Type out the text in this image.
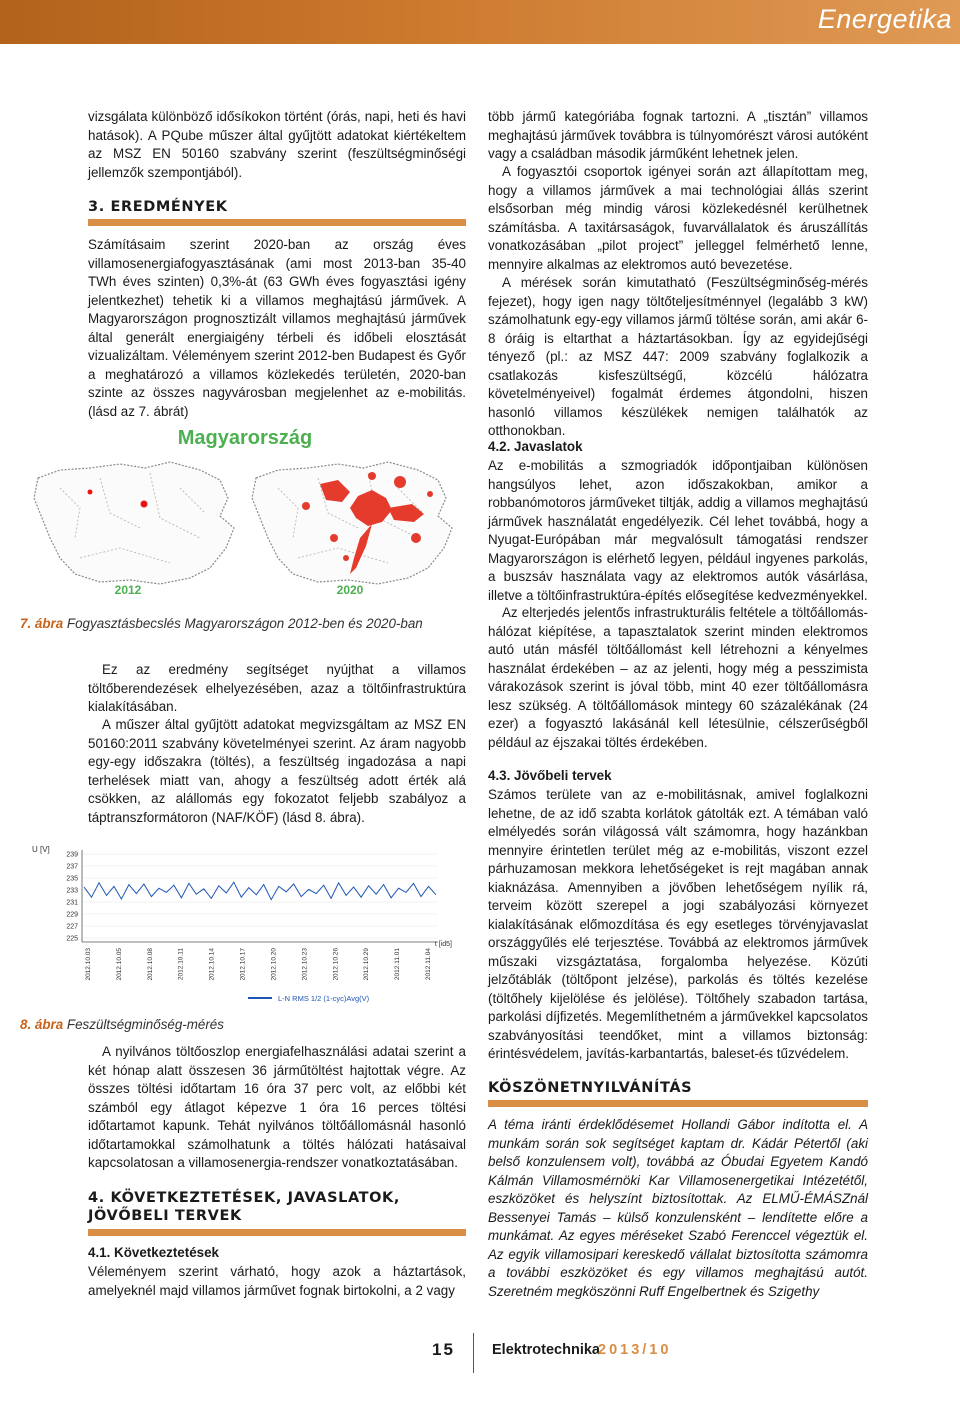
Energetika

vizsgálata különböző idősíkokon történt (órás, napi, heti és havi hatások). A PQube műszer által gyűjtött adatokat kiértékeltem az MSZ EN 50160 szabvány szerint (feszültségminőségi jellemzők szempontjából).

3. EREDMÉNYEK

Számításaim szerint 2020-ban az ország éves villamosenergiafogyasztásának (ami most 2013-ban 35-40 TWh éves szinten) 0,3%-át (63 GWh éves fogyasztási igény jelentkezhet) tehetik ki a villamos meghajtású járművek. A Magyarországon prognosztizált villamos meghajtású járművek által generált energiaigény térbeli és időbeli elosztását vizualizáltam. Véleményem szerint 2012-ben Budapest és Győr a meghatározó a villamos közlekedés területén, 2020-ban szinte az összes nagyvárosban megjelenhet az e-mobilitás. (lásd az 7. ábrát)

Magyarország
2012	2020
7. ábra Fogyasztásbecslés Magyarországon 2012-ben és 2020-ban

Ez az eredmény segítséget nyújthat a villamos töltőberendezések elhelyezésében, azaz a töltőinfrastruktúra kialakításában.

A műszer által gyűjtött adatokat megvizsgáltam az MSZ EN 50160:2011 szabvány követelményei szerint. Az áram nagyobb egy-egy időszakra (töltés), a feszültség ingadozása a napi terhelések miatt van, ahogy a feszültség adott érték alá csökken, az alállomás egy fokozatot feljebb szabályoz a táptranszformátoron (NAF/KÖF) (lásd 8. ábra).

U [V]
239
237
235
233
231
229
227
225
2012.10.03	2012.10.05	2012.10.08	2012.10.11	2012.10.14	2012.10.17	2012.10.20	2012.10.23	2012.10.26	2012.10.29	2012.11.01	2012.11.04
t [id5]
L-N RMS 1/2 (1-cyc)Avg(V)
8. ábra Feszültségminőség-mérés

A nyilvános töltőoszlop energiafelhasználási adatai szerint a két hónap alatt összesen 36 járműtöltést hajtottak végre. Az összes töltési időtartam 16 óra 37 perc volt, az előbbi két számból egy átlagot képezve 1 óra 16 perces töltési időtartamot kapunk. Tehát nyilvános töltőállomásnál hasonló időtartamokkal számolhatunk a töltés hálózati hatásaival kapcsolatosan a villamosenergia-rendszer vonatkoztatásában.

4. KÖVETKEZTETÉSEK, JAVASLATOK,
JÖVŐBELI TERVEK
4.1. Következtetések

Véleményem szerint várható, hogy azok a háztartások, amelyeknél majd villamos járművet fognak birtokolni, a 2 vagy

több jármű kategóriába fognak tartozni. A „tisztán” villamos meghajtású járművek továbbra is túlnyomórészt városi autóként vagy a családban második járműként lehetnek jelen.

A fogyasztói csoportok igényei során azt állapítottam meg, hogy a villamos járművek a mai technológiai állás szerint elsősorban még mindig városi közlekedésnél kerülhetnek számításba. A taxitársaságok, fuvarvállalatok és áruszállítás vonatkozásában „pilot project” jelleggel felmérhető lenne, mennyire alkalmas az elektromos autó bevezetése.

A mérések során kimutatható (Feszültségminőség-mérés fejezet), hogy igen nagy töltőteljesítménnyel (legalább 3 kW) számolhatunk egy-egy villamos jármű töltése során, ami akár 6-8 óráig is eltarthat a háztartásokban. Így az egyidejűségi tényező (pl.: az MSZ 447: 2009 szabvány foglalkozik a csatlakozás kisfeszültségű, közcélú hálózatra követelményeivel) fogalmát érdemes átgondolni, hiszen hasonló villamos készülékek nemigen találhatók az otthonokban.

4.2. Javaslatok

Az e-mobilitás a szmogriadók időpontjaiban különösen hangsúlyos lehet, azon időszakokban, amikor a robbanómotoros járműveket tiltják, addig a villamos meghajtású járművek használatát engedélyezik. Cél lehet továbbá, hogy a Nyugat-Európában már megvalósult támogatási rendszer Magyarországon is elérhető legyen, például ingyenes parkolás, a buszsáv használata vagy az elektromos autók vásárlása, illetve a töltőinfrastruktúra-építés elősegítése kedvezményekkel.

Az elterjedés jelentős infrastrukturális feltétele a töltőállomás-hálózat kiépítése, a tapasztalatok szerint minden elektromos autó után másfél töltőállomást kell létrehozni a kényelmes használat érdekében – az az jelenti, hogy még a pesszimista várakozások szerint is jóval több, mint 40 ezer töltőállomásra lesz szükség. A töltőállomások mintegy 60 százalékának (24 ezer) a fogyasztó lakásánál kell létesülnie, célszerűségből például az éjszakai töltés érdekében.

4.3. Jövőbeli tervek

Számos területe van az e-mobilitásnak, amivel foglalkozni lehetne, de az idő szabta korlátok gátolták ezt. A témában való elmélyedés során világossá vált számomra, hogy hazánkban mennyire érintetlen terület még az e-mobilitás, viszont ezzel párhuzamosan mekkora lehetőségeket is rejt magában annak kiaknázása. Amennyiben a jövőben lehetőségem nyílik rá, terveim között szerepel a jogi szabályozási környezet kialakításának előmozdítása és egy esetleges törvényjavaslat országgyűlés elé terjesztése. Továbbá az elektromos járművek műszaki vizsgáztatása, forgalomba helyezése. Közúti jelzőtáblák (töltőpont jelzése), parkolás és töltés kezelése (töltőhely kijelölése és jelölése). Töltőhely szabadon tartása, parkolási díjfizetés. Megemlíthetném a járművekkel kapcsolatos szabványosítási teendőket, mint a villamos biztonság: érintésvédelem, javítás-karbantartás, baleset-és tűzvédelem.

KÖSZÖNETNYILVÁNÍTÁS

A téma iránti érdeklődésemet Hollandi Gábor indította el. A munkám során sok segítséget kaptam dr. Kádár Pétertől (aki belső konzulensem volt), továbbá az Óbudai Egyetem Kandó Kálmán Villamosmérnöki Kar Villamosenergetikai Intézetétől, eszközöket és helyszínt biztosítottak. Az ELMŰ-ÉMÁSZnál Bessenyei Tamás – külső konzulensként – lendítette előre a munkámat. Az egyes méréseket Szabó Ferenccel végeztük el. Az egyik villamosipari kereskedő vállalat biztosította számomra a további eszközöket és egy villamos meghajtású autót. Szeretném megköszönni Ruff Engelbertnek és Szigethy

15	Elektrotechnika
2013/10
